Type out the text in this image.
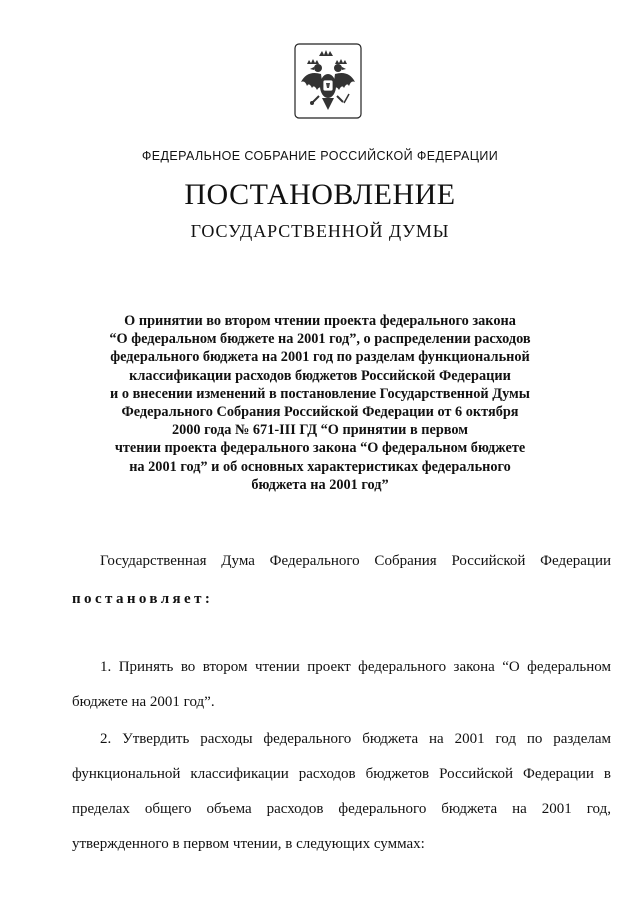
ФЕДЕРАЛЬНОЕ СОБРАНИЕ РОССИЙСКОЙ ФЕДЕРАЦИИ
ПОСТАНОВЛЕНИЕ
ГОСУДАРСТВЕННОЙ ДУМЫ
О принятии во втором чтении проекта федерального закона
“О федеральном бюджете на 2001 год”, о распределении расходов
федерального бюджета на 2001 год по разделам функциональной
классификации расходов бюджетов Российской Федерации
и о внесении изменений в постановление Государственной Думы
Федерального Собрания Российской Федерации от 6 октября
2000 года № 671-III ГД “О принятии в первом
чтении проекта федерального закона “О федеральном бюджете
на 2001 год” и об основных характеристиках федерального
бюджета на 2001 год”
Государственная Дума Федерального Собрания Российской Федерации
постановляет:
1. Принять во втором чтении проект федерального закона “О федеральном
бюджете на 2001 год”.
2. Утвердить расходы федерального бюджета на 2001 год по разделам
функциональной классификации расходов бюджетов Российской Федерации в
пределах общего объема расходов федерального бюджета на 2001 год,
утвержденного в первом чтении, в следующих суммах:
